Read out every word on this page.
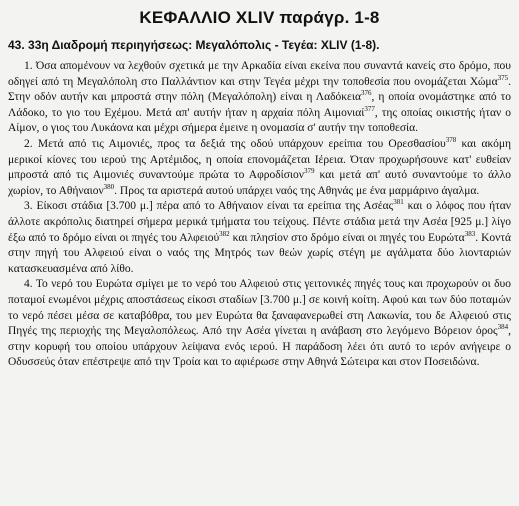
ΚΕΦΑΛΛΙΟ XLIV παράγρ. 1-8
43. 33η Διαδρομή περιηγήσεως: Μεγαλόπολις - Τεγέα: XLIV (1-8).

1. Όσα απομένουν να λεχθούν σχετικά με την Αρκαδία είναι εκείνα που συναντά κανείς στο δρόμο, που οδηγεί από τη Μεγαλόπολη στο Παλλάντιον και στην Τεγέα μέχρι την τοποθεσία που ονομάζεται Χώμα$^{375}$. Στην οδόν αυτήν και μπροστά στην πόλη (Μεγαλόπολη) είναι η Λαδόκεια$^{376}$, η οποία ονομάστηκε από το Λάδοκο, το γιο του Εχέμου. Μετά απ' αυτήν ήταν η αρχαία πόλη Αιμονιαί$^{377}$, της οποίας οικιστής ήταν ο Αίμον, ο γιος του Λυκάονα και μέχρι σήμερα έμεινε η ονομασία σ' αυτήν την τοποθεσία.

2. Μετά από τις Αιμονιές, προς τα δεξιά της οδού υπάρχουν ερείπια του Ορεσθασίου$^{378}$ και ακόμη μερικοί κίονες του ιερού της Αρτέμιδος, η οποία επονομάζεται Ιέρεια. Όταν προχωρήσουνε κατ' ευθείαν μπροστά από τις Αιμονιές συναντούμε πρώτα το Αφροδίσιον$^{379}$ και μετά απ' αυτό συναντούμε το άλλο χωρίον, το Αθήναιον$^{380}$. Προς τα αριστερά αυτού υπάρχει ναός της Αθηνάς με ένα μαρμάρινο άγαλμα.

3. Είκοσι στάδια [3.700 μ.] πέρα από το Αθήναιον είναι τα ερείπια της Ασέας$^{381}$ και ο λόφος που ήταν άλλοτε ακρόπολις διατηρεί σήμερα μερικά τμήματα του τείχους. Πέντε στάδια μετά την Ασέα [925 μ.] λίγο έξω από το δρόμο είναι οι πηγές του Αλφειού$^{382}$ και πλησίον στο δρόμο είναι οι πηγές του Ευρώτα$^{383}$. Κοντά στην πηγή του Αλφειού είναι ο ναός της Μητρός των θεών χωρίς στέγη με αγάλματα δύο λιονταριών κατασκευασμένα από λίθο.

4. Το νερό του Ευρώτα σμίγει με το νερό του Αλφειού στις γειτονικές πηγές τους και προχωρούν οι δυο ποταμοί ενωμένοι μέχρις αποστάσεως είκοσι σταδίων [3.700 μ.] σε κοινή κοίτη. Αφού και των δύο ποταμών το νερό πέσει μέσα σε καταβόθρα, του μεν Ευρώτα θα ξαναφανερωθεί στη Λακωνία, του δε Αλφειού στις Πηγές της περιοχής της Μεγαλοπόλεως. Από την Ασέα γίνεται η ανάβαση στο λεγόμενο Βόρειον όρος$^{384}$, στην κορυφή του οποίου υπάρχουν λείψανα ενός ιερού. Η παράδοση λέει ότι αυτό το ιερόν ανήγειρε ο Οδυσσεύς όταν επέστρεψε από την Τροία και το αφιέρωσε στην Αθηνά Σώτειρα και στον Ποσειδώνα.
